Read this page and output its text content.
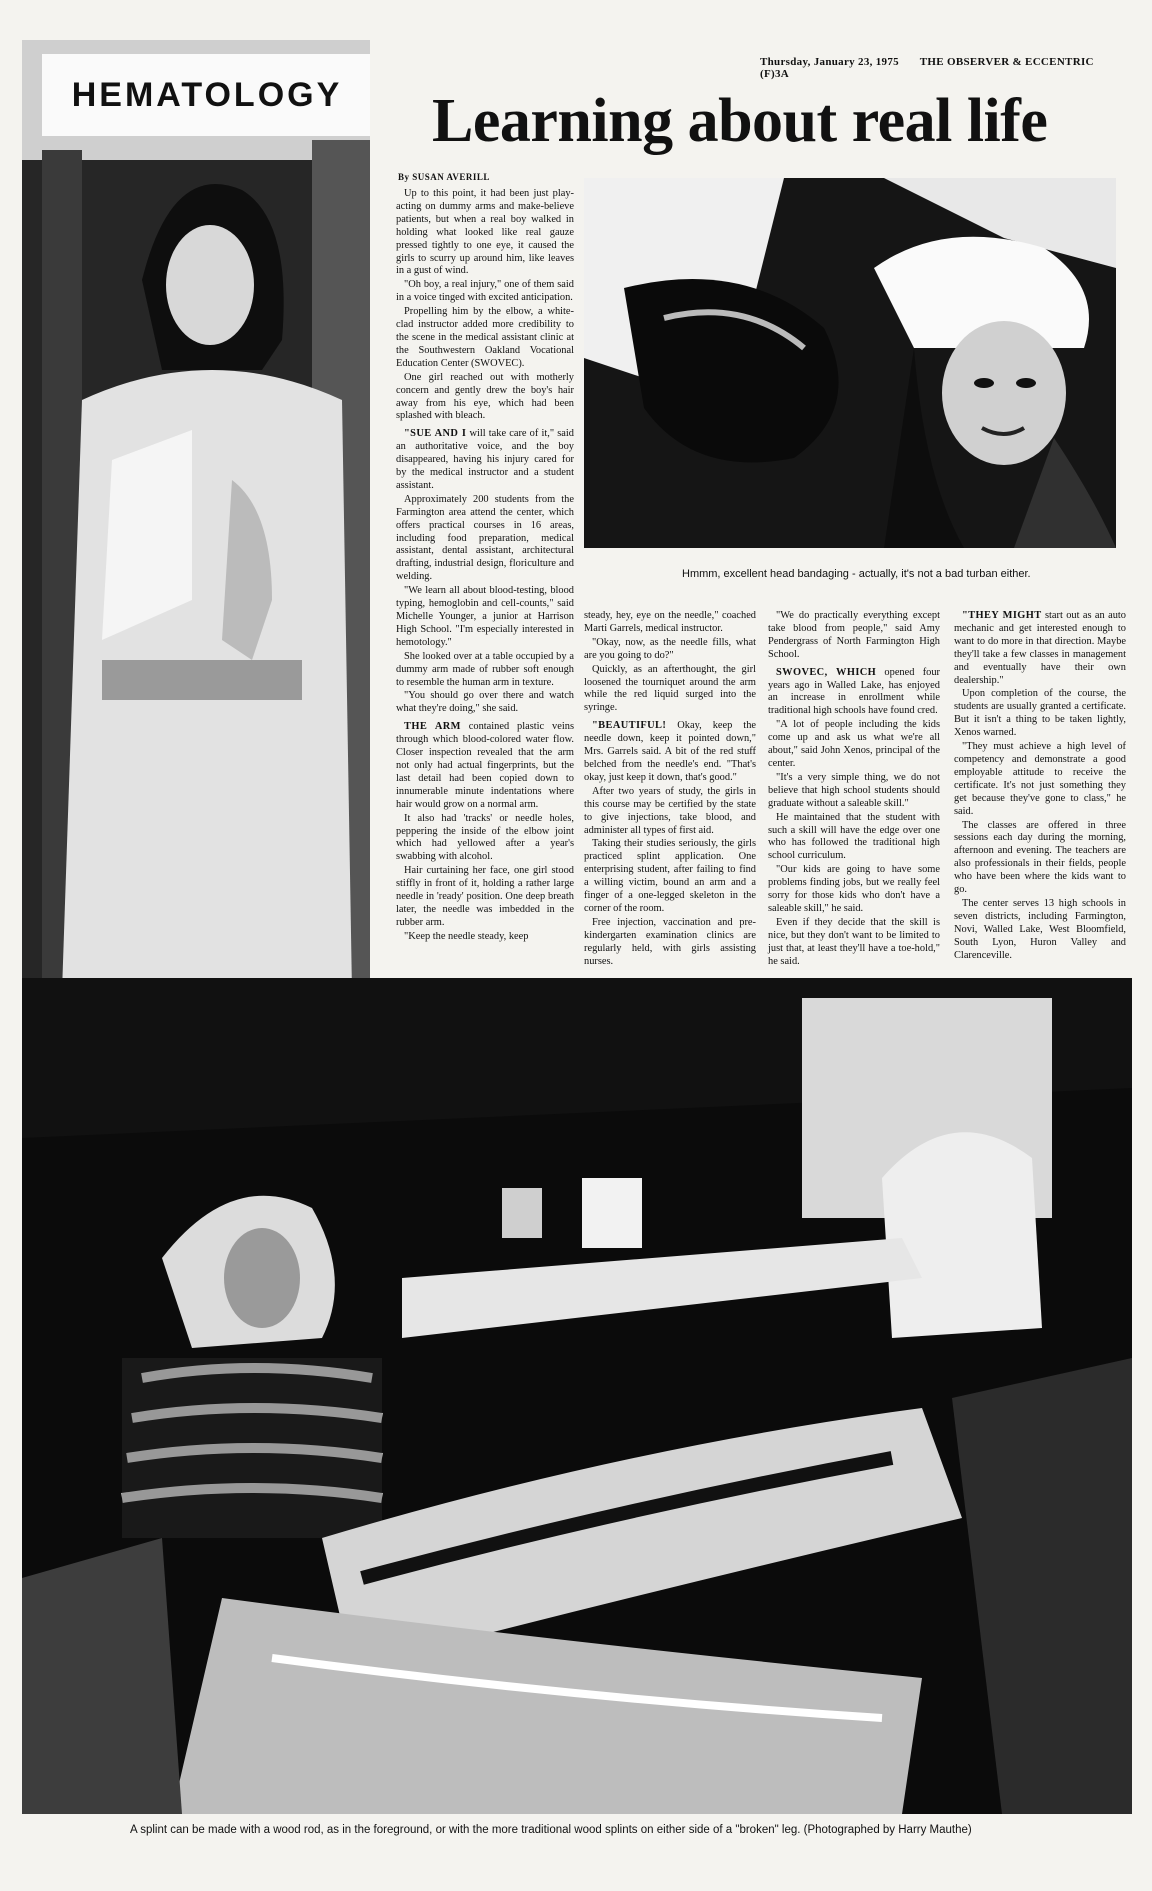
Thursday, January 23, 1975 THE OBSERVER & ECCENTRIC (F)3A
HEMATOLOGY	Learning about real life
By SUSAN AVERILL
Hmmm, excellent head bandaging - actually, it's not a bad turban either.

Up to this point, it had been just play-acting on dummy arms and make-believe patients, but when a real boy walked in holding what looked like real gauze pressed tightly to one eye, it caused the girls to scurry up around him, like leaves in a gust of wind.

"Oh boy, a real injury," one of them said in a voice tinged with excited anticipation.

Propelling him by the elbow, a white-clad instructor added more credibility to the scene in the medical assistant clinic at the Southwestern Oakland Vocational Education Center (SWOVEC).

One girl reached out with motherly concern and gently drew the boy's hair away from his eye, which had been splashed with bleach.

"SUE AND I will take care of it," said an authoritative voice, and the boy disappeared, having his injury cared for by the medical instructor and a student assistant.

Approximately 200 students from the Farmington area attend the center, which offers practical courses in 16 areas, including food preparation, medical assistant, dental assistant, architectural drafting, industrial design, floriculture and welding.

"We learn all about blood-testing, blood typing, hemoglobin and cell-counts," said Michelle Younger, a junior at Harrison High School. "I'm especially interested in hemotology."

She looked over at a table occupied by a dummy arm made of rubber soft enough to resemble the human arm in texture.

"You should go over there and watch what they're doing," she said.

THE ARM contained plastic veins through which blood-colored water flow. Closer inspection revealed that the arm not only had actual fingerprints, but the last detail had been copied down to innumerable minute indentations where hair would grow on a normal arm.

It also had 'tracks' or needle holes, peppering the inside of the elbow joint which had yellowed after a year's swabbing with alcohol.

Hair curtaining her face, one girl stood stiffly in front of it, holding a rather large needle in 'ready' position. One deep breath later, the needle was imbedded in the rubber arm.

"Keep the needle steady, keep

steady, hey, eye on the needle," coached Marti Garrels, medical instructor.

"Okay, now, as the needle fills, what are you going to do?"

Quickly, as an afterthought, the girl loosened the tourniquet around the arm while the red liquid surged into the syringe.

"BEAUTIFUL! Okay, keep the needle down, keep it pointed down," Mrs. Garrels said. A bit of the red stuff belched from the needle's end. "That's okay, just keep it down, that's good."

After two years of study, the girls in this course may be certified by the state to give injections, take blood, and administer all types of first aid.

Taking their studies seriously, the girls practiced splint application. One enterprising student, after failing to find a willing victim, bound an arm and a finger of a one-legged skeleton in the corner of the room.

Free injection, vaccination and pre-kindergarten examination clinics are regularly held, with girls assisting nurses.

"We do practically everything except take blood from people," said Amy Pendergrass of North Farmington High School.

SWOVEC, WHICH opened four years ago in Walled Lake, has enjoyed an increase in enrollment while traditional high schools have found cred.

"A lot of people including the kids come up and ask us what we're all about," said John Xenos, principal of the center.

"It's a very simple thing, we do not believe that high school students should graduate without a saleable skill."

He maintained that the student with such a skill will have the edge over one who has followed the traditional high school curriculum.

"Our kids are going to have some problems finding jobs, but we really feel sorry for those kids who don't have a saleable skill," he said.

Even if they decide that the skill is nice, but they don't want to be limited to just that, at least they'll have a toe-hold," he said.

"THEY MIGHT start out as an auto mechanic and get interested enough to want to do more in that direction. Maybe they'll take a few classes in management and eventually have their own dealership."

Upon completion of the course, the students are usually granted a certificate. But it isn't a thing to be taken lightly, Xenos warned.

"They must achieve a high level of competency and demonstrate a good employable attitude to receive the certificate. It's not just something they get because they've gone to class," he said.

The classes are offered in three sessions each day during the morning, afternoon and evening. The teachers are also professionals in their fields, people who have been where the kids want to go.

The center serves 13 high schools in seven districts, including Farmington, Novi, Walled Lake, West Bloomfield, South Lyon, Huron Valley and Clarenceville.

A splint can be made with a wood rod, as in the foreground, or with the more traditional wood splints on either side of a "broken" leg. (Photographed by Harry Mauthe)
